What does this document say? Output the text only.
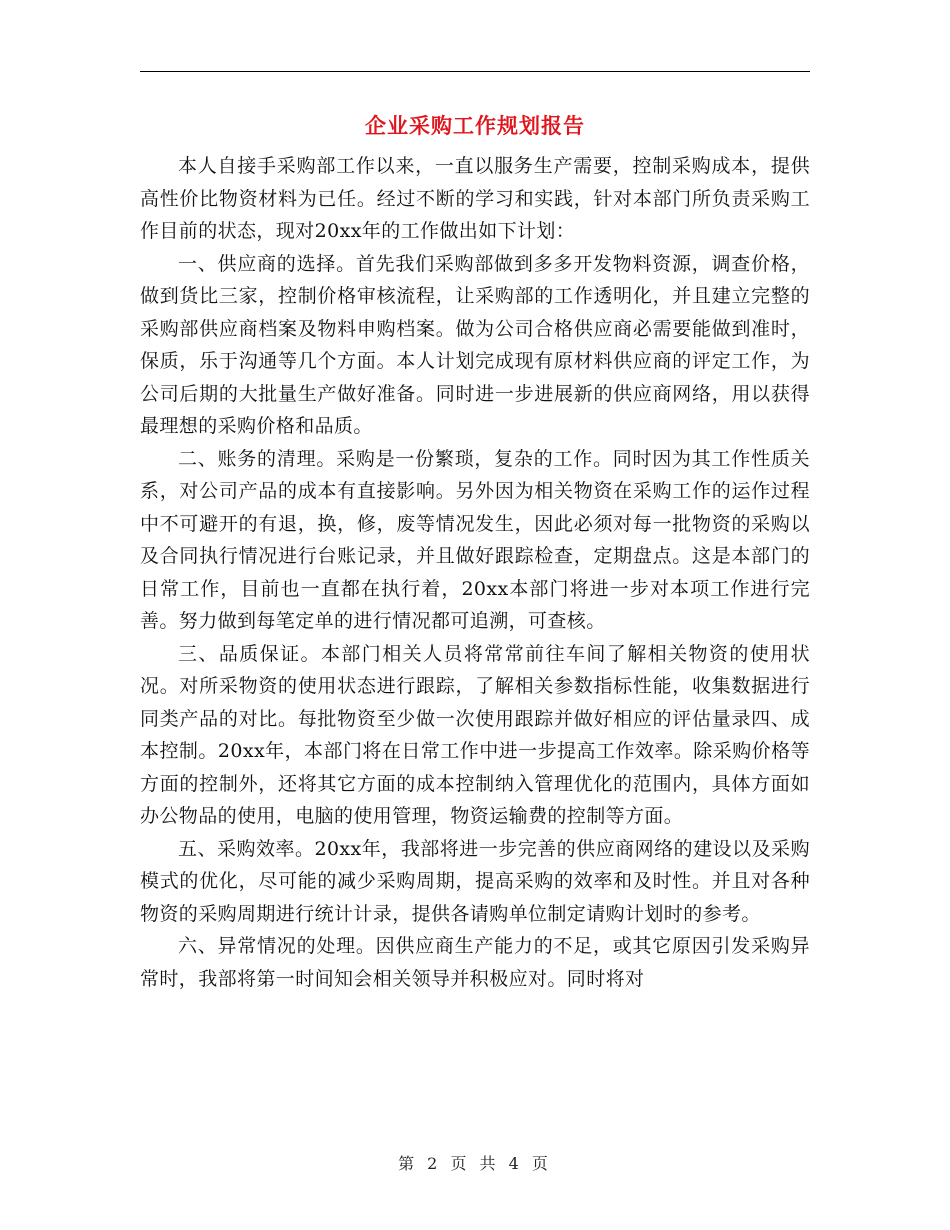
企业采购工作规划报告

本人自接手采购部工作以来，一直以服务生产需要，控制采购成本，提供高性价比物资材料为已任。经过不断的学习和实践，针对本部门所负责采购工作目前的状态，现对20xx年的工作做出如下计划：

一、供应商的选择。首先我们采购部做到多多开发物料资源，调查价格，做到货比三家，控制价格审核流程，让采购部的工作透明化，并且建立完整的采购部供应商档案及物料申购档案。做为公司合格供应商必需要能做到准时，保质，乐于沟通等几个方面。本人计划完成现有原材料供应商的评定工作，为公司后期的大批量生产做好准备。同时进一步进展新的供应商网络，用以获得最理想的采购价格和品质。

二、账务的清理。采购是一份繁琐，复杂的工作。同时因为其工作性质关系，对公司产品的成本有直接影响。另外因为相关物资在采购工作的运作过程中不可避开的有退，换，修，废等情况发生，因此必须对每一批物资的采购以及合同执行情况进行台账记录，并且做好跟踪检查，定期盘点。这是本部门的日常工作，目前也一直都在执行着，20xx本部门将进一步对本项工作进行完善。努力做到每笔定单的进行情况都可追溯，可查核。

三、品质保证。本部门相关人员将常常前往车间了解相关物资的使用状况。对所采物资的使用状态进行跟踪，了解相关参数指标性能，收集数据进行同类产品的对比。每批物资至少做一次使用跟踪并做好相应的评估量录四、成本控制。20xx年，本部门将在日常工作中进一步提高工作效率。除采购价格等方面的控制外，还将其它方面的成本控制纳入管理优化的范围内，具体方面如办公物品的使用，电脑的使用管理，物资运输费的控制等方面。

五、采购效率。20xx年，我部将进一步完善的供应商网络的建设以及采购模式的优化，尽可能的减少采购周期，提高采购的效率和及时性。并且对各种物资的采购周期进行统计计录，提供各请购单位制定请购计划时的参考。

六、异常情况的处理。因供应商生产能力的不足，或其它原因引发采购异常时，我部将第一时间知会相关领导并积极应对。同时将对

第 2 页 共 4 页
